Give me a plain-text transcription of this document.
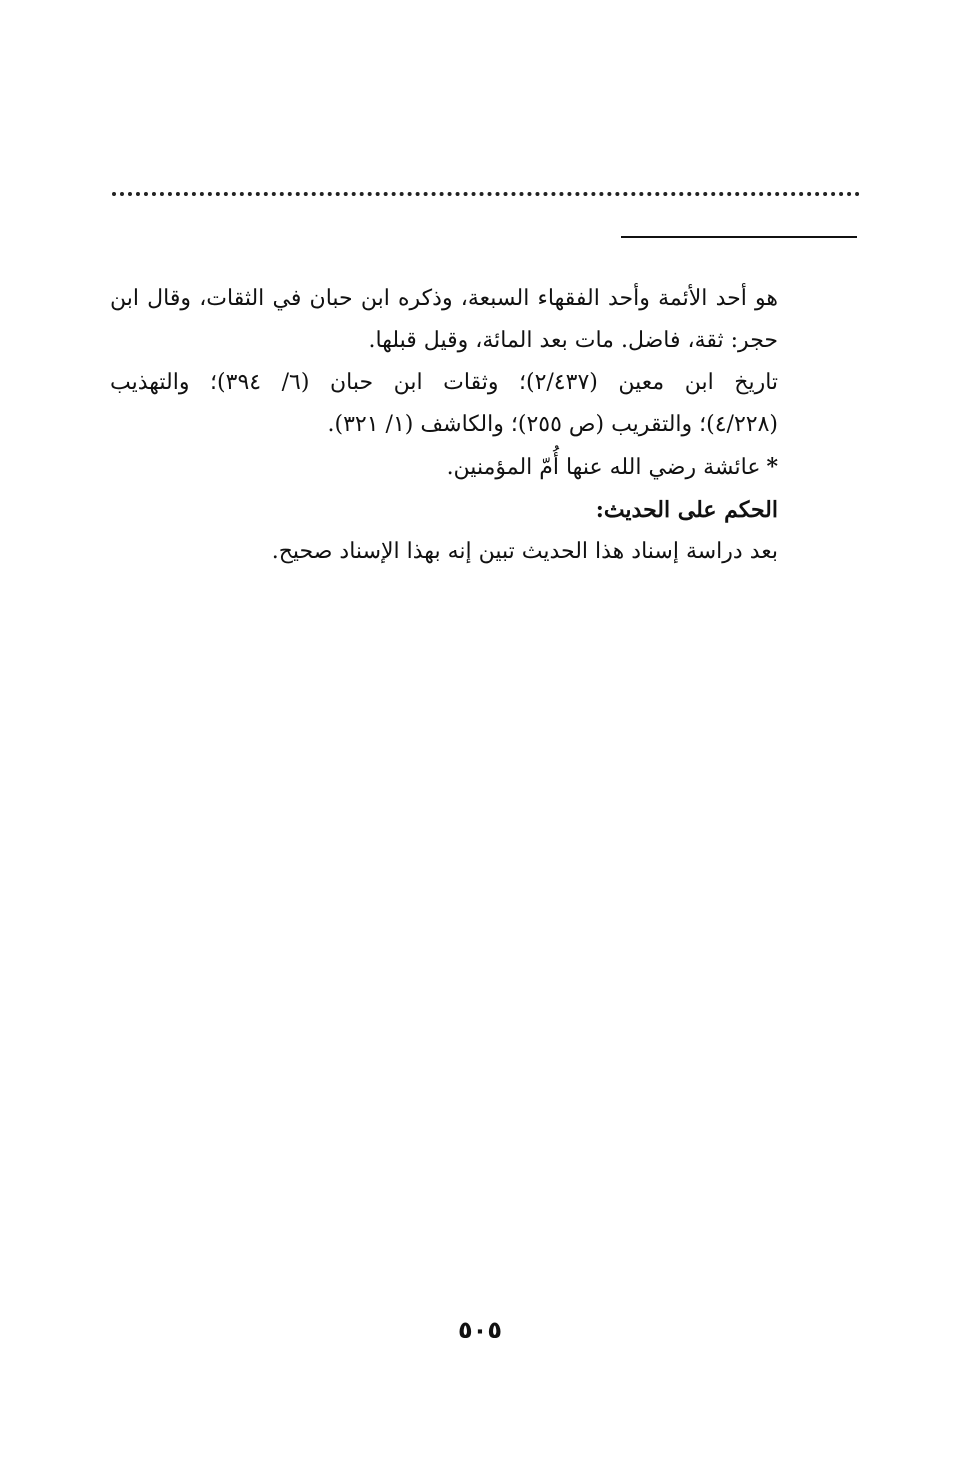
هو أحد الأئمة وأحد الفقهاء السبعة، وذكره ابن حبان في الثقات، وقال ابن
حجر: ثقة، فاضل. مات بعد المائة، وقيل قبلها.
تاريخ ابن معين (٢/٤٣٧)؛ وثقات ابن حبان (٦/ ٣٩٤)؛ والتهذيب
(٤/٢٢٨)؛ والتقريب (ص ٢٥٥)؛ والكاشف (١/ ٣٢١).
*عائشة رضي الله عنها أُمّ المؤمنين.
الحكم على الحديث:
بعد دراسة إسناد هذا الحديث تبين إنه بهذا الإسناد صحيح.
٥٠٥
